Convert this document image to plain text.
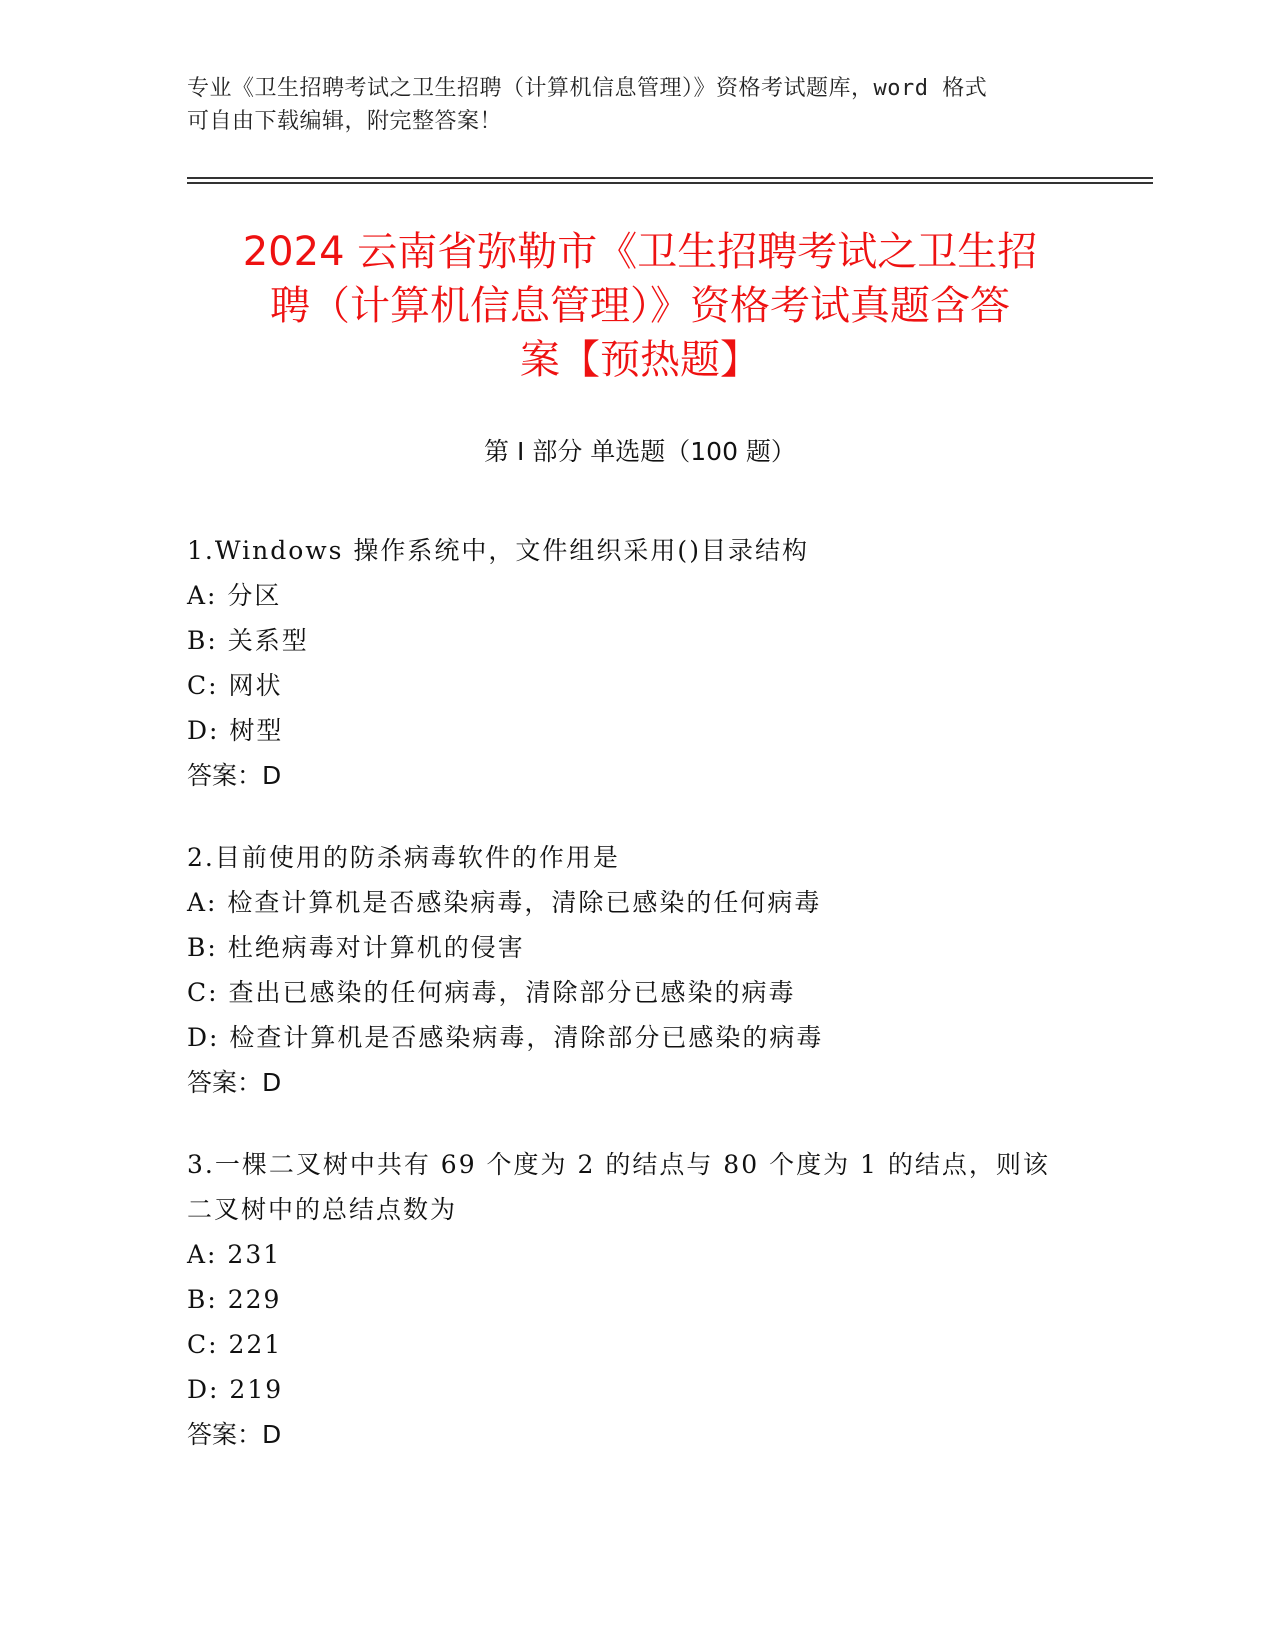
专业《卫生招聘考试之卫生招聘（计算机信息管理）》资格考试题库，word 格式
可自由下载编辑，附完整答案！
2024 云南省弥勒市《卫生招聘考试之卫生招
聘（计算机信息管理）》资格考试真题含答
案【预热题】
第 I 部分 单选题（100 题）
1.Windows 操作系统中，文件组织采用()目录结构
A: 分区
B: 关系型
C: 网状
D: 树型
答案：D
2.目前使用的防杀病毒软件的作用是
A: 检查计算机是否感染病毒，清除已感染的任何病毒
B: 杜绝病毒对计算机的侵害
C: 查出已感染的任何病毒，清除部分已感染的病毒
D: 检查计算机是否感染病毒，清除部分已感染的病毒
答案：D
3.一棵二叉树中共有 69 个度为 2 的结点与 80 个度为 1 的结点，则该
二叉树中的总结点数为
A: 231
B: 229
C: 221
D: 219
答案：D
